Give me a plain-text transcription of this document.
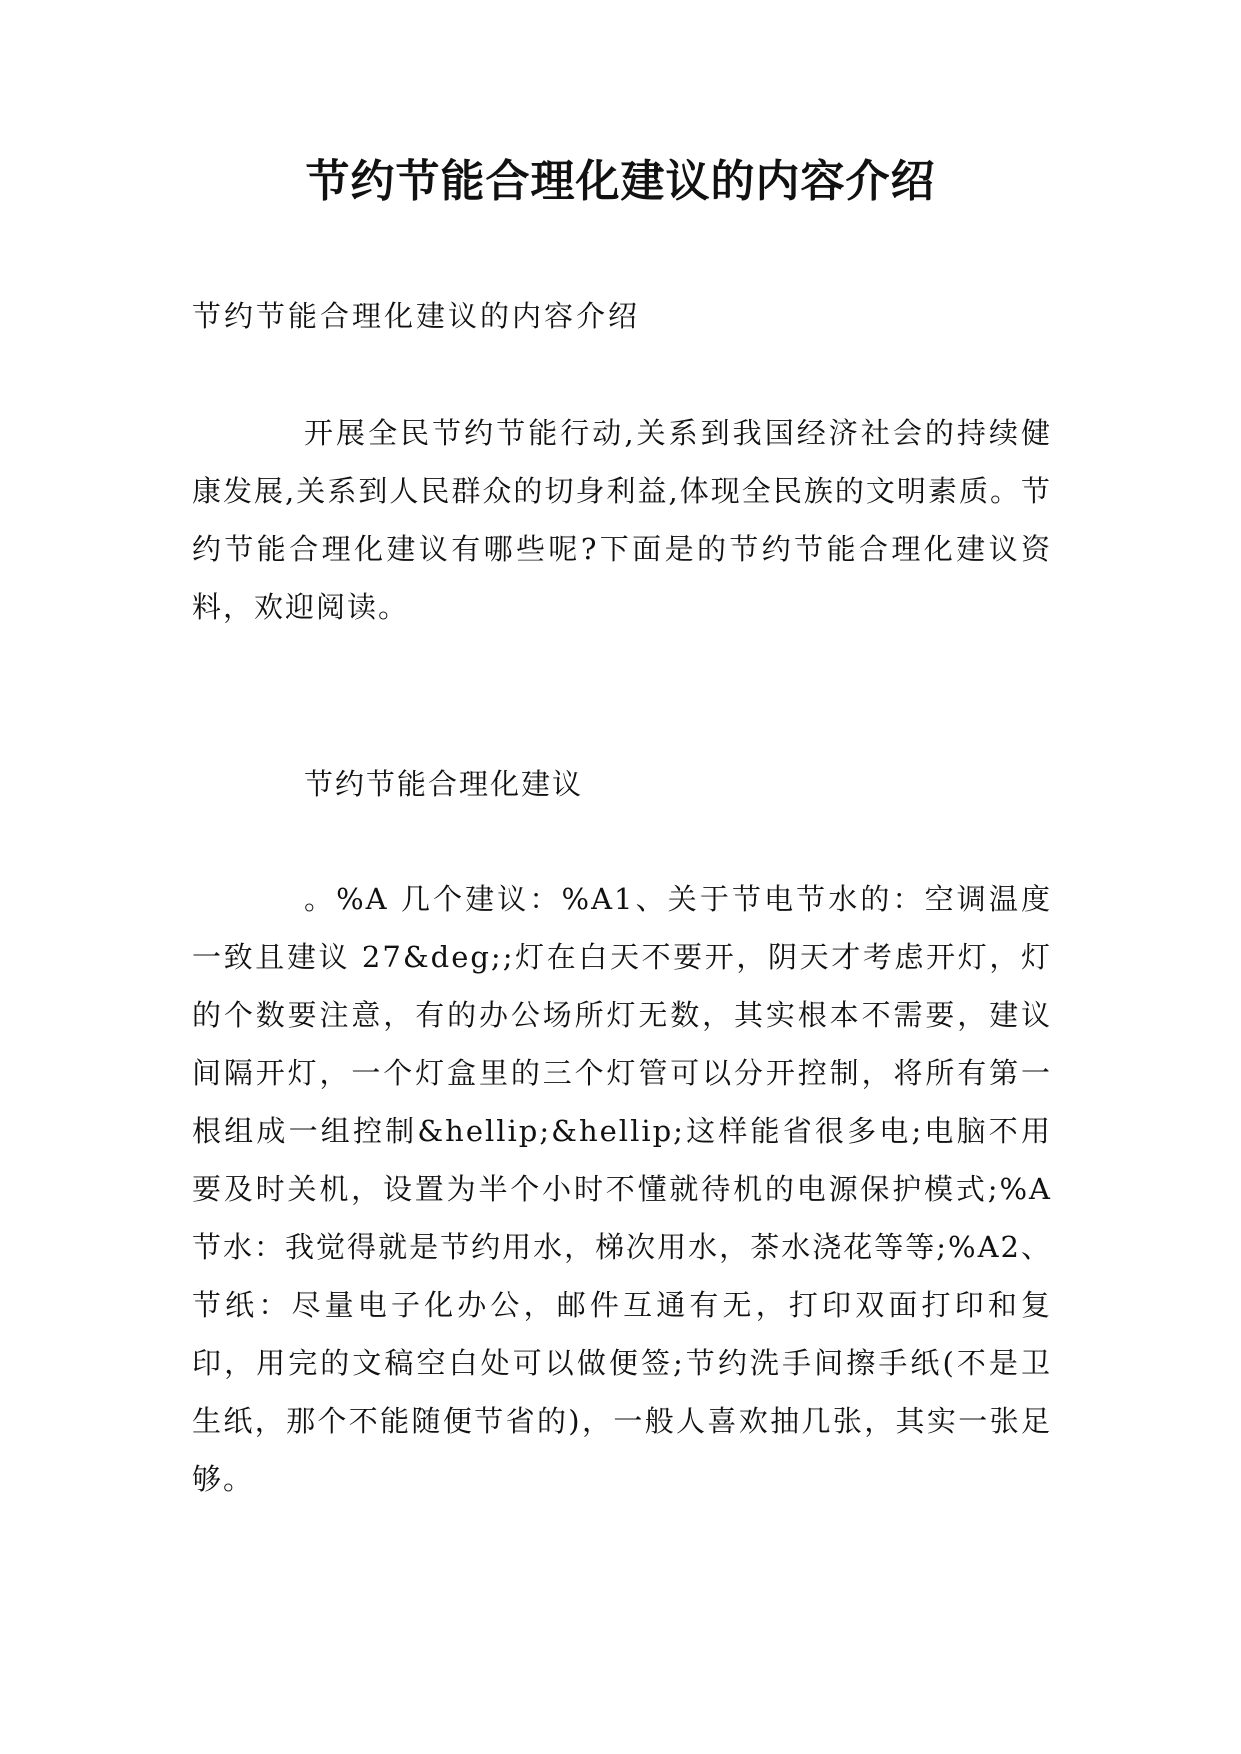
节约节能合理化建议的内容介绍

节约节能合理化建议的内容介绍

开展全民节约节能行动,关系到我国经济社会的持续健康发展,关系到人民群众的切身利益,体现全民族的文明素质。节约节能合理化建议有哪些呢?下面是的节约节能合理化建议资料，欢迎阅读。

节约节能合理化建议

。%A 几个建议：%A1、关于节电节水的：空调温度一致且建议 27&deg;;灯在白天不要开，阴天才考虑开灯，灯的个数要注意，有的办公场所灯无数，其实根本不需要，建议间隔开灯，一个灯盒里的三个灯管可以分开控制，将所有第一根组成一组控制&hellip;&hellip;这样能省很多电;电脑不用要及时关机，设置为半个小时不懂就待机的电源保护模式;%A 节水：我觉得就是节约用水，梯次用水，茶水浇花等等;%A2、节纸：尽量电子化办公，邮件互通有无，打印双面打印和复印，用完的文稿空白处可以做便签;节约洗手间擦手纸(不是卫生纸，那个不能随便节省的)，一般人喜欢抽几张，其实一张足够。
